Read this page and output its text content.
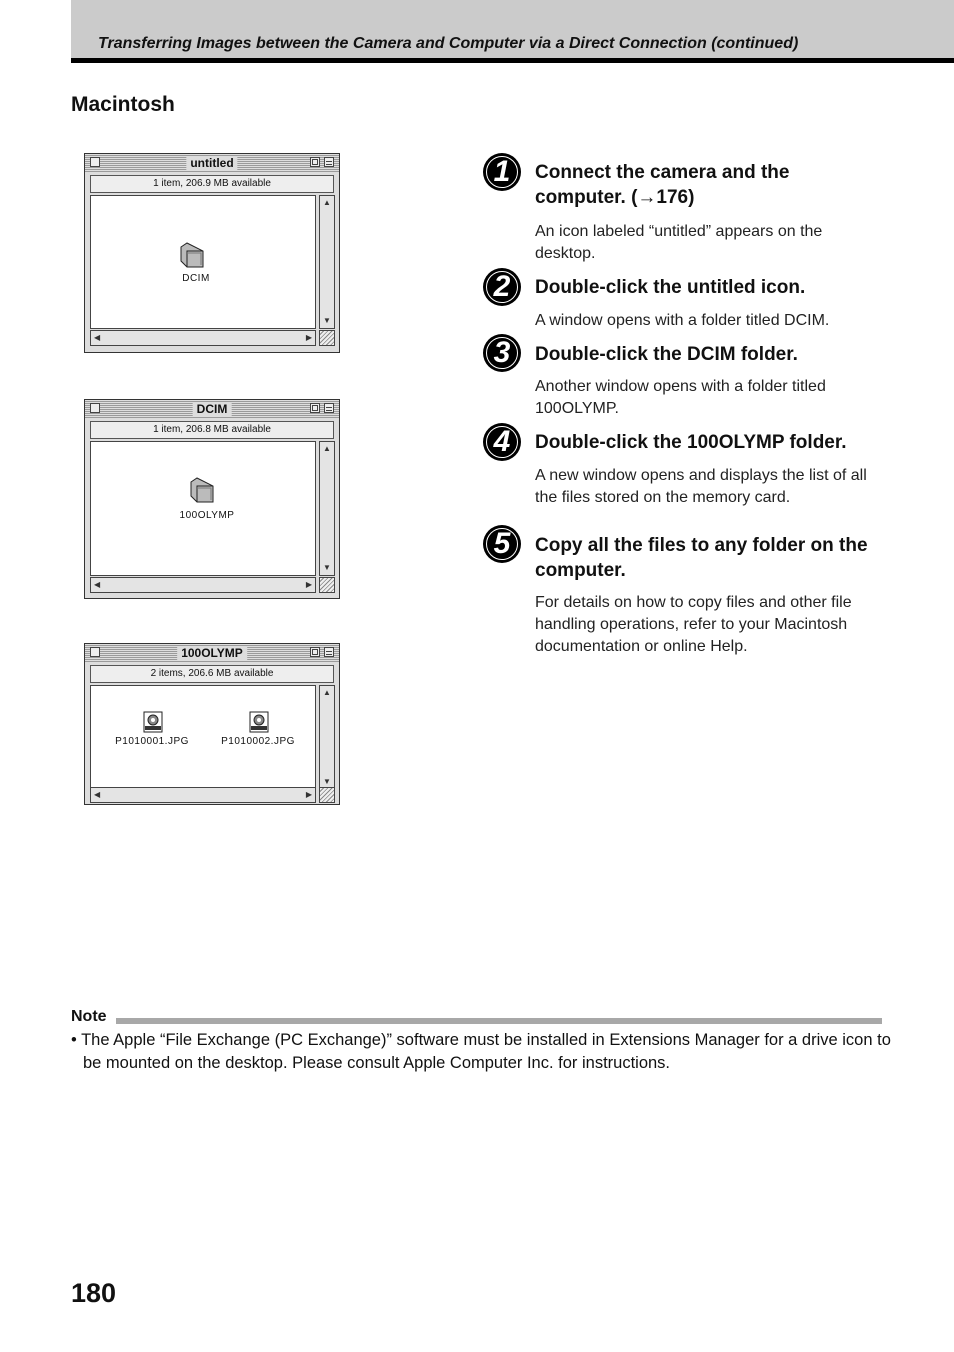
Transferring Images between the Camera and Computer via a Direct Connection (continued)
Macintosh
untitled
1 item, 206.9 MB available
DCIM
▲
▼
◀	▶
DCIM
1 item, 206.8 MB available
100OLYMP
▲
▼
◀	▶
100OLYMP
2 items, 206.6 MB available
P1010001.JPG	P1010002.JPG
▲
▼
◀	▶
1	Connect the camera and the computer. (→176)
An icon labeled “untitled” appears on the desktop.
2	Double-click the untitled icon.
A window opens with a folder titled DCIM.
3	Double-click the DCIM folder.
Another window opens with a folder titled 100OLYMP.
4	Double-click the 100OLYMP folder.
A new window opens and displays the list of all the files stored on the memory card.
5	Copy all the files to any folder on the computer.
For details on how to copy files and other file handling operations, refer to your Macintosh documentation or online Help.
Note
• The Apple “File Exchange (PC Exchange)” software must be installed in Extensions Manager for a drive icon to be mounted on the desktop. Please consult Apple Computer Inc. for instructions.
180
